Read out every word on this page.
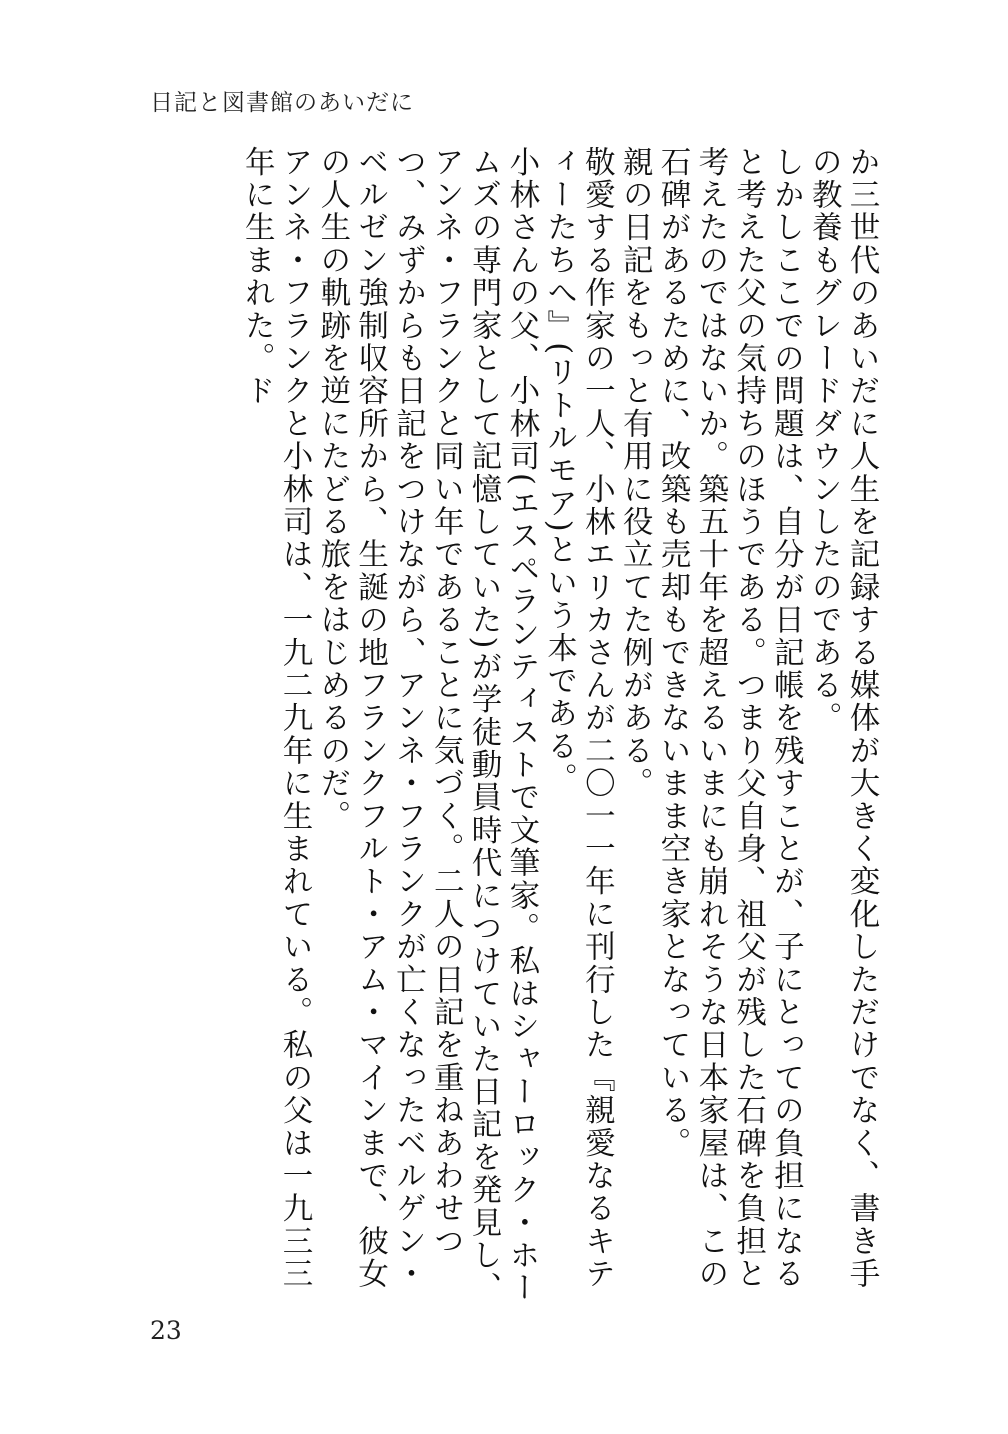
日記と図書館のあいだに

か三世代のあいだに人生を記録する媒体が大きく変化しただけでなく、書き手の教養もグレードダウンしたのである。

しかしここでの問題は、自分が日記帳を残すことが、子にとっての負担になると考えた父の気持ちのほうである。つまり父自身、祖父が残した石碑を負担と考えたのではないか。築五十年を超えるいまにも崩れそうな日本家屋は、この石碑があるために、改築も売却もできないまま空き家となっている。

親の日記をもっと有用に役立てた例がある。

敬愛する作家の一人、小林エリカさんが二〇一一年に刊行した『親愛なるキティーたちへ』(リトルモア)という本である。

小林さんの父、小林司(エスペランティストで文筆家。私はシャーロック・ホームズの専門家として記憶していた)が学徒動員時代につけていた日記を発見し、アンネ・フランクと同い年であることに気づく。二人の日記を重ねあわせつつ、みずからも日記をつけながら、アンネ・フランクが亡くなったベルゲン・ベルゼン強制収容所から、生誕の地フランクフルト・アム・マインまで、彼女の人生の軌跡を逆にたどる旅をはじめるのだ。

アンネ・フランクと小林司は、一九二九年に生まれている。私の父は一九三三年に生まれた。ド

23
